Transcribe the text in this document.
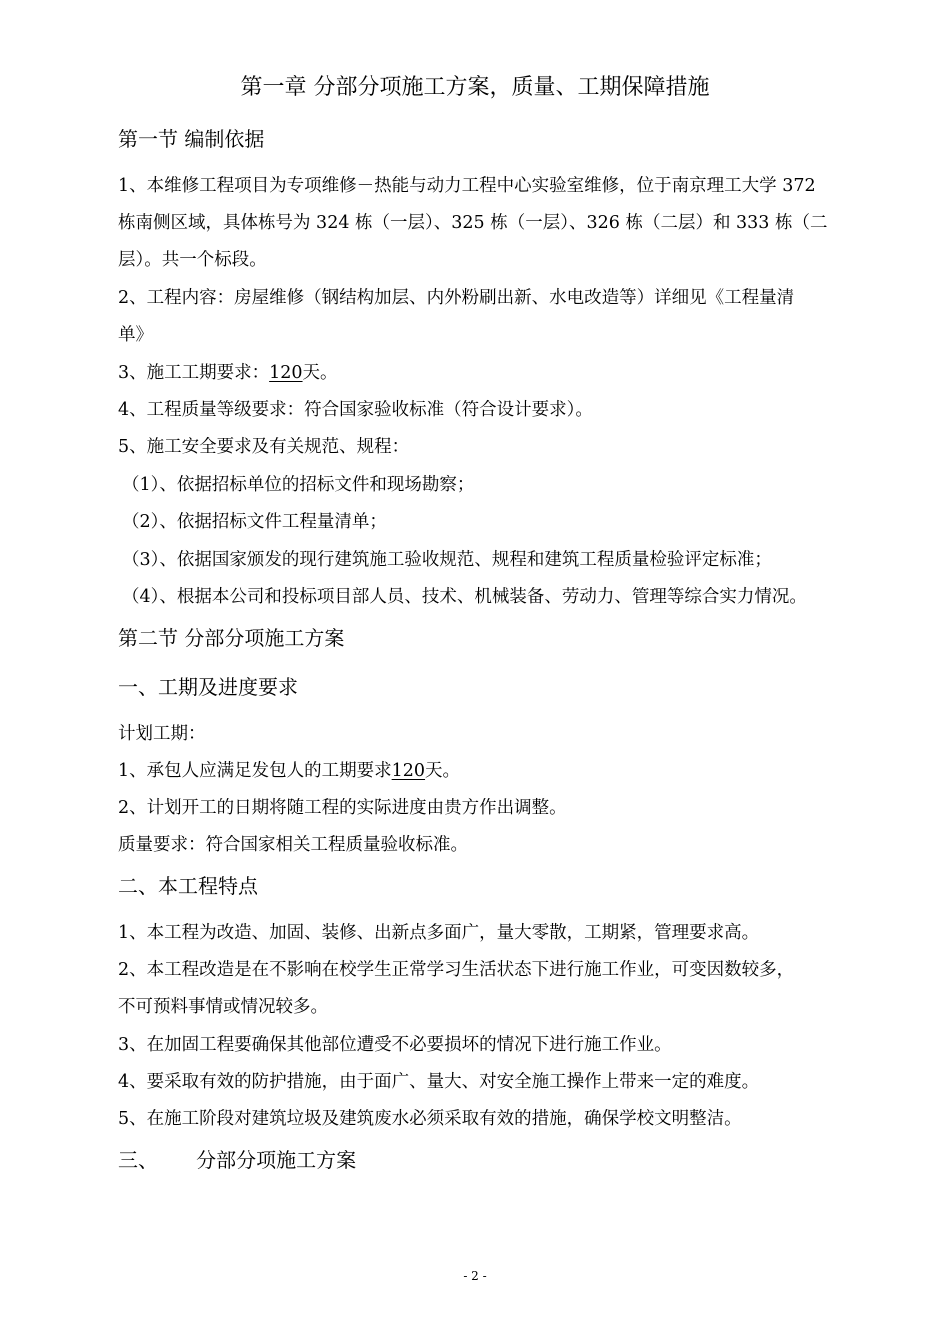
第一章 分部分项施工方案，质量、工期保障措施
第一节 编制依据
1、本维修工程项目为专项维修－热能与动力工程中心实验室维修，位于南京理工大学 372
栋南侧区域，具体栋号为 324 栋（一层）、325 栋（一层）、326 栋（二层）和 333 栋（二
层）。共一个标段。
2、工程内容：房屋维修（钢结构加层、内外粉刷出新、水电改造等）详细见《工程量清
单》
3、施工工期要求：120天。
4、工程质量等级要求：符合国家验收标准（符合设计要求）。
5、施工安全要求及有关规范、规程：
（1）、依据招标单位的招标文件和现场勘察；
（2）、依据招标文件工程量清单；
（3）、依据国家颁发的现行建筑施工验收规范、规程和建筑工程质量检验评定标准；
（4）、根据本公司和投标项目部人员、技术、机械装备、劳动力、管理等综合实力情况。
第二节 分部分项施工方案
一、工期及进度要求
计划工期：
1、承包人应满足发包人的工期要求120天。
2、计划开工的日期将随工程的实际进度由贵方作出调整。
质量要求：符合国家相关工程质量验收标准。
二、本工程特点
1、本工程为改造、加固、装修、出新点多面广，量大零散，工期紧，管理要求高。
2、本工程改造是在不影响在校学生正常学习生活状态下进行施工作业，可变因数较多，
不可预料事情或情况较多。
3、在加固工程要确保其他部位遭受不必要损坏的情况下进行施工作业。
4、要采取有效的防护措施，由于面广、量大、对安全施工操作上带来一定的难度。
5、在施工阶段对建筑垃圾及建筑废水必须采取有效的措施，确保学校文明整洁。
三、      分部分项施工方案
- 2 -
